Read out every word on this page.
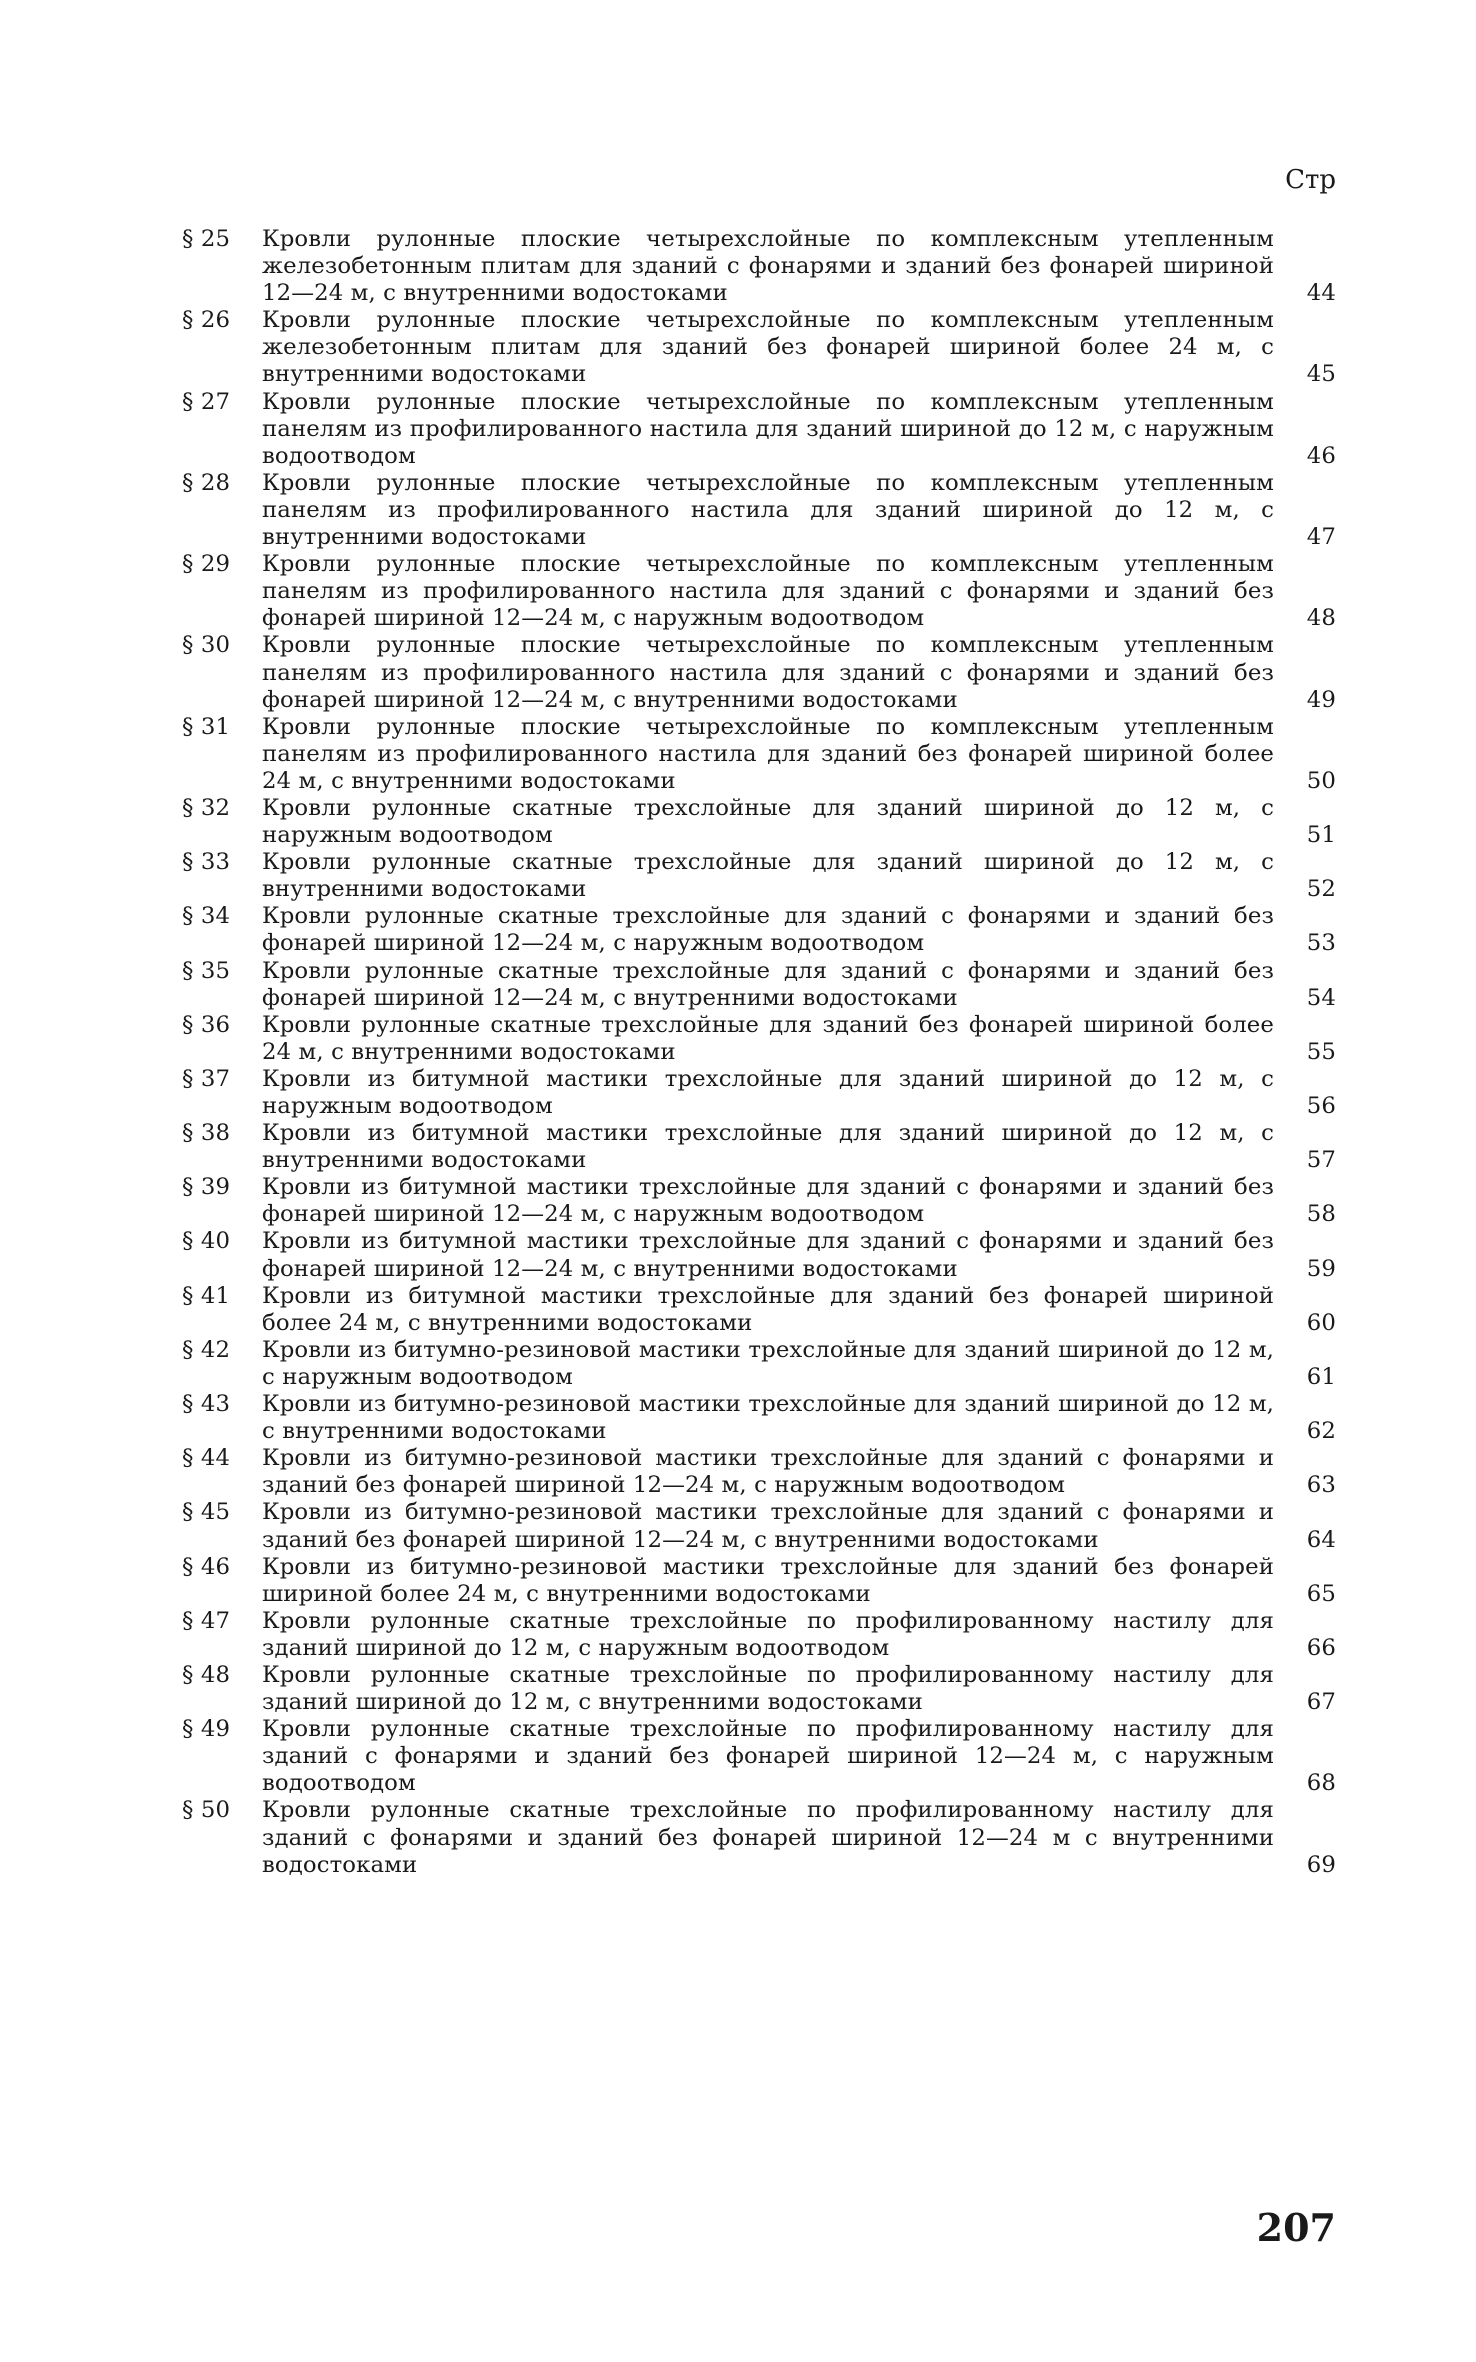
Стр
§ 25	Кровли рулонные плоские четырехслойные по комплексным утепленным железобетонным плитам для зданий с фонарями и зданий без фонарей шириной 12—24 м, с внутренними водостоками	44
§ 26	Кровли рулонные плоские четырехслойные по комплексным утепленным железобетонным плитам для зданий без фонарей шириной более 24 м, с внутренними водостоками	45
§ 27	Кровли рулонные плоские четырехслойные по комплексным утепленным панелям из профилированного настила для зданий шириной до 12 м, с наружным водоотводом	46
§ 28	Кровли рулонные плоские четырехслойные по комплексным утепленным панелям из профилированного настила для зданий шириной до 12 м, с внутренними водостоками	47
§ 29	Кровли рулонные плоские четырехслойные по комплексным утепленным панелям из профилированного настила для зданий с фонарями и зданий без фонарей шириной 12—24 м, с наружным водоотводом	48
§ 30	Кровли рулонные плоские четырехслойные по комплексным утепленным панелям из профилированного настила для зданий с фонарями и зданий без фонарей шириной 12—24 м, с внутренними водостоками	49
§ 31	Кровли рулонные плоские четырехслойные по комплексным утепленным панелям из профилированного настила для зданий без фонарей шириной более 24 м, с внутренними водостоками	50
§ 32	Кровли рулонные скатные трехслойные для зданий шириной до 12 м, с наружным водоотводом	51
§ 33	Кровли рулонные скатные трехслойные для зданий шириной до 12 м, с внутренними водостоками	52
§ 34	Кровли рулонные скатные трехслойные для зданий с фонарями и зданий без фонарей шириной 12—24 м, с наружным водоотводом	53
§ 35	Кровли рулонные скатные трехслойные для зданий с фонарями и зданий без фонарей шириной 12—24 м, с внутренними водостоками	54
§ 36	Кровли рулонные скатные трехслойные для зданий без фонарей шириной более 24 м, с внутренними водостоками	55
§ 37	Кровли из битумной мастики трехслойные для зданий шириной до 12 м, с наружным водоотводом	56
§ 38	Кровли из битумной мастики трехслойные для зданий шириной до 12 м, с внутренними водостоками	57
§ 39	Кровли из битумной мастики трехслойные для зданий с фонарями и зданий без фонарей шириной 12—24 м, с наружным водоотводом	58
§ 40	Кровли из битумной мастики трехслойные для зданий с фонарями и зданий без фонарей шириной 12—24 м, с внутренними водостоками	59
§ 41	Кровли из битумной мастики трехслойные для зданий без фонарей шириной более 24 м, с внутренними водостоками	60
§ 42	Кровли из битумно-резиновой мастики трехслойные для зданий шириной до 12 м, с наружным водоотводом	61
§ 43	Кровли из битумно-резиновой мастики трехслойные для зданий шириной до 12 м, с внутренними водостоками	62
§ 44	Кровли из битумно-резиновой мастики трехслойные для зданий с фонарями и зданий без фонарей шириной 12—24 м, с наружным водоотводом	63
§ 45	Кровли из битумно-резиновой мастики трехслойные для зданий с фонарями и зданий без фонарей шириной 12—24 м, с внутренними водостоками	64
§ 46	Кровли из битумно-резиновой мастики трехслойные для зданий без фонарей шириной более 24 м, с внутренними водостоками	65
§ 47	Кровли рулонные скатные трехслойные по профилированному настилу для зданий шириной до 12 м, с наружным водоотводом	66
§ 48	Кровли рулонные скатные трехслойные по профилированному настилу для зданий шириной до 12 м, с внутренними водостоками	67
§ 49	Кровли рулонные скатные трехслойные по профилированному настилу для зданий с фонарями и зданий без фонарей шириной 12—24 м, с наружным водоотводом	68
§ 50	Кровли рулонные скатные трехслойные по профилированному настилу для зданий с фонарями и зданий без фонарей шириной 12—24 м с внутренними водостоками	69
207
